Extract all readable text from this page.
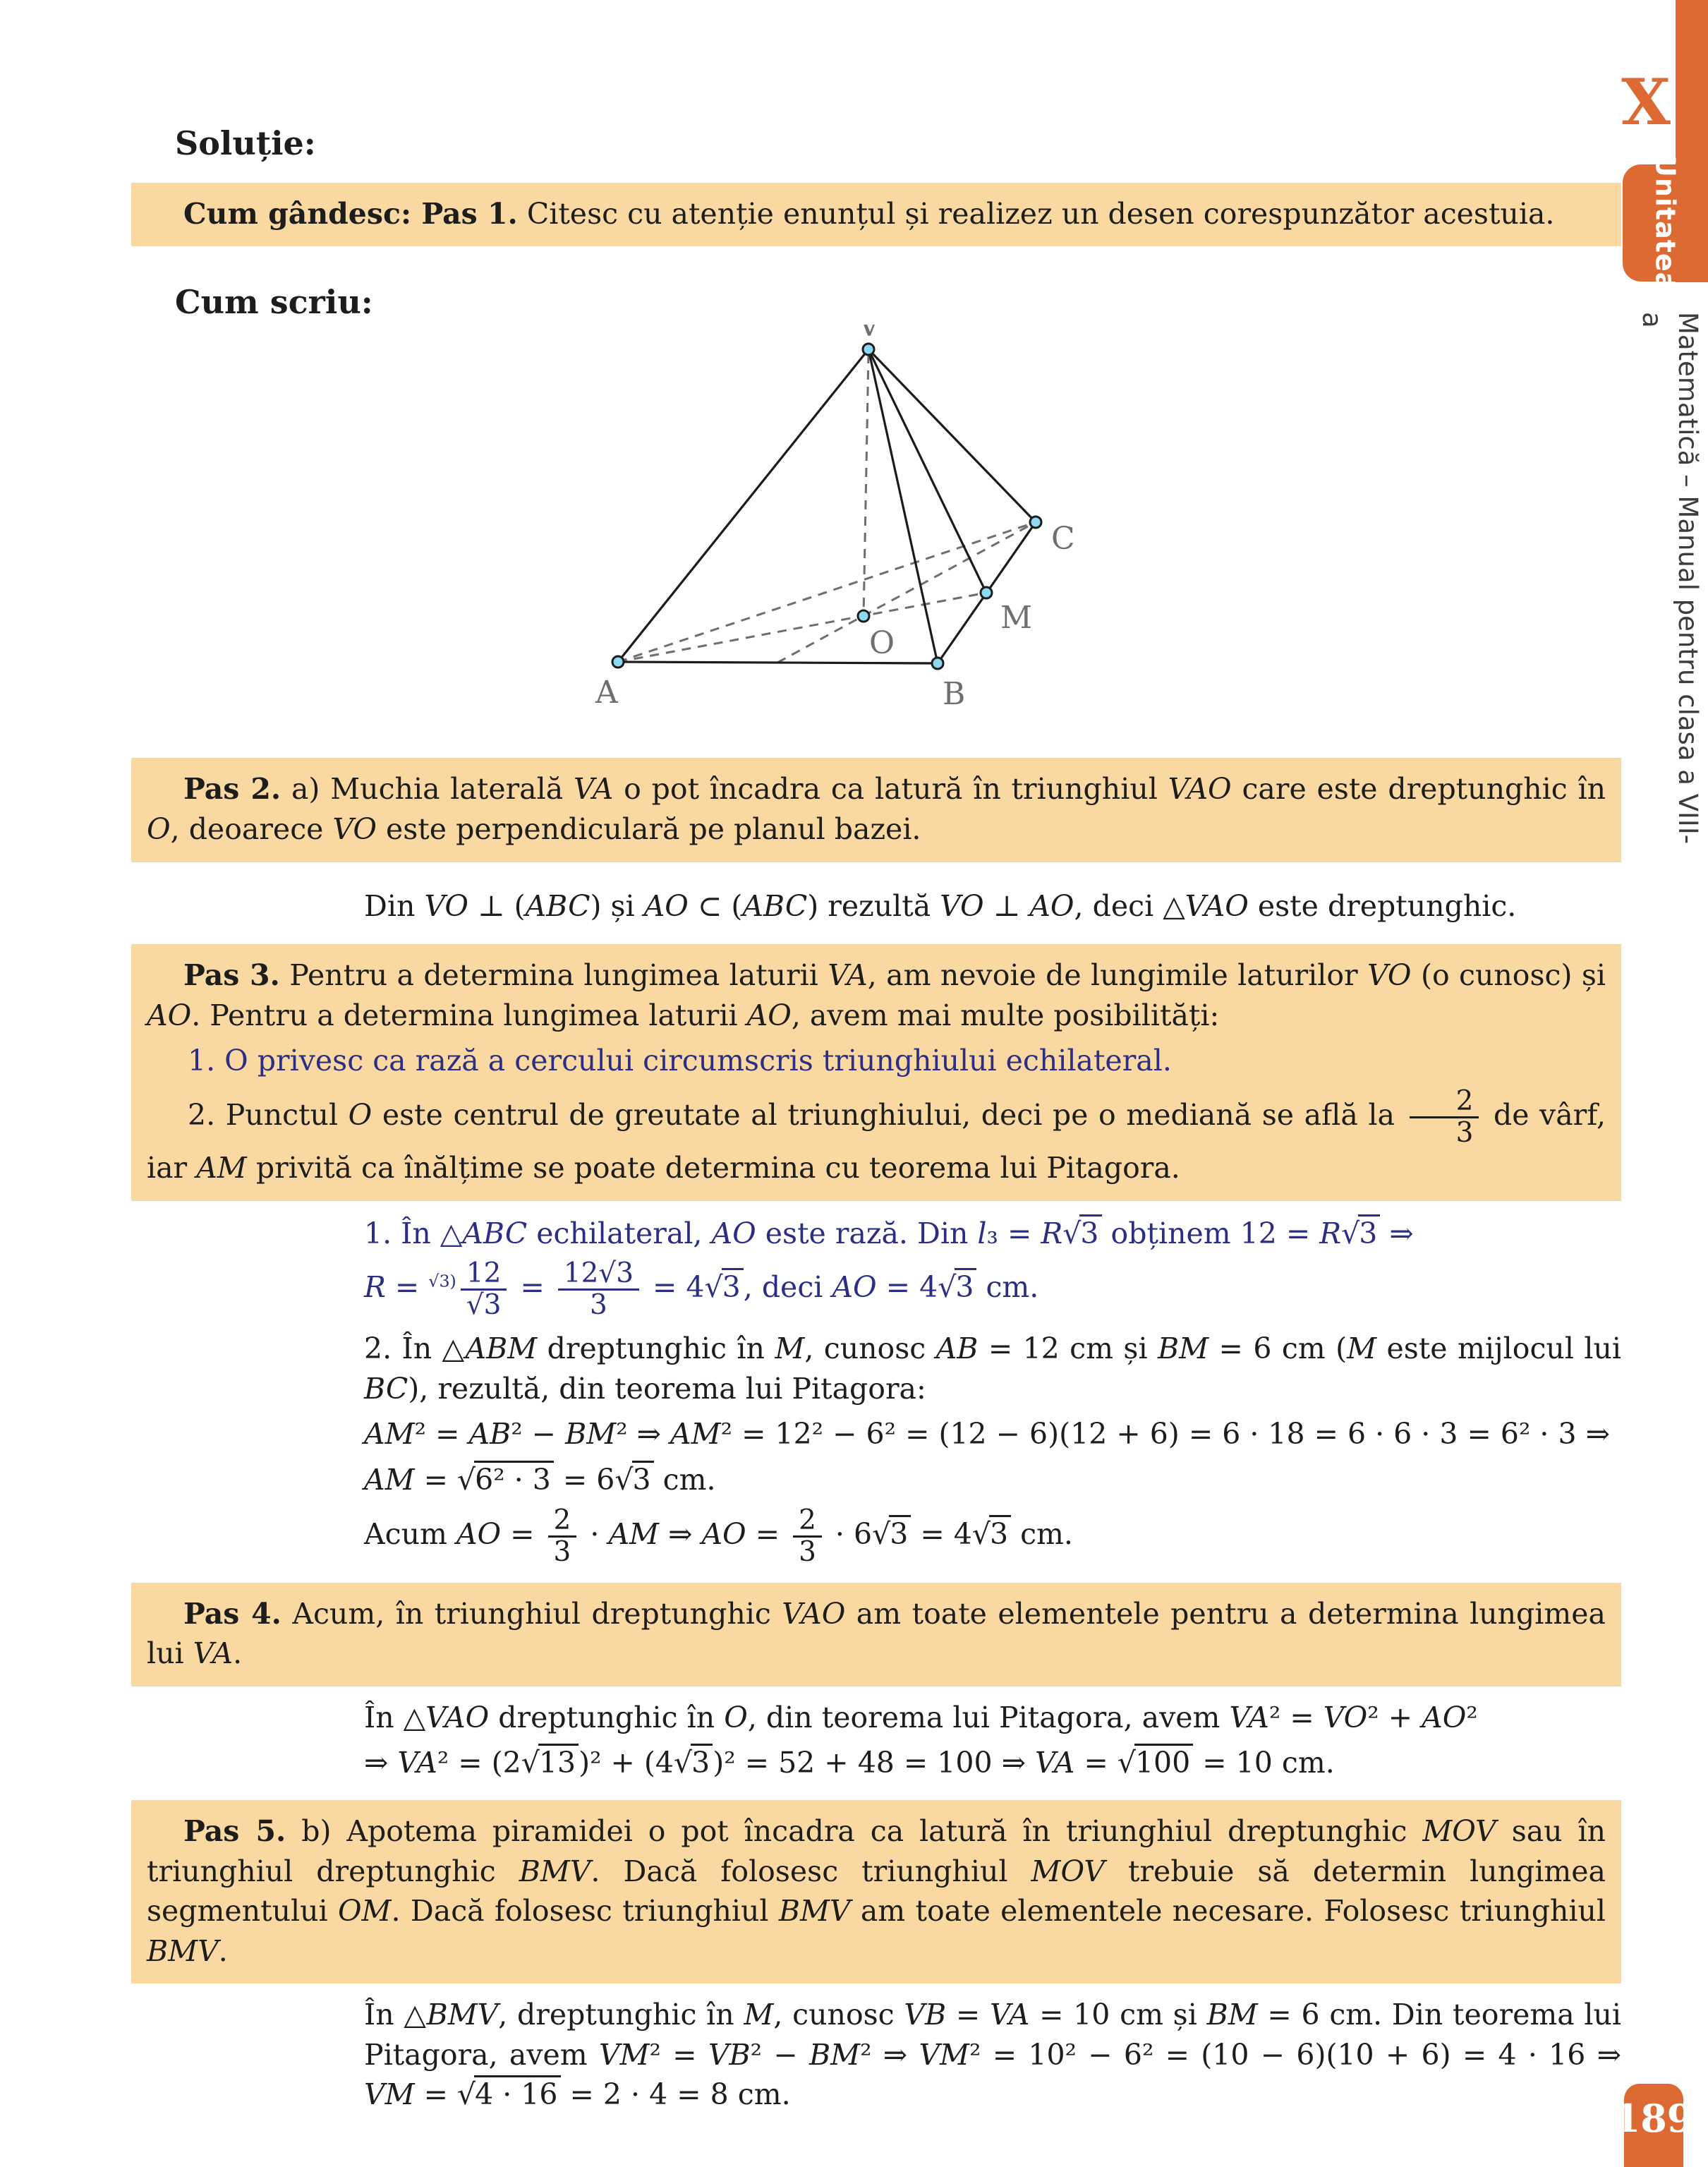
Soluție:

Cum gândesc: Pas 1. Citesc cu atenție enunțul și realizez un desen corespunzător acestuia.

Cum scriu:
V
A	B
C
M
O

Pas 2. a) Muchia laterală VA o pot încadra ca latură în triunghiul VAO care este dreptunghic în O, deoarece VO este perpendiculară pe planul bazei.

Din VO ⊥ (ABC) și AO ⊂ (ABC) rezultă VO ⊥ AO, deci △VAO este dreptunghic.

Pas 3. Pentru a determina lungimea laturii VA, am nevoie de lungimile laturilor VO (o cunosc) și AO. Pentru a determina lungimea laturii AO, avem mai multe posibilități:

1. O privesc ca rază a cercului circumscris triunghiului echilateral.

2. Punctul O este centrul de greutate al triunghiului, deci pe o mediană se află la $\frac{2}{3}$ de vârf, iar AM privită ca înălțime se poate determina cu teorema lui Pitagora.

1. În △ABC echilateral, AO este rază. Din l₃ = R√3 obținem 12 = R√3 ⇒

$R = ^{√3)} \frac{12}{√3} = \frac{12√3}{3} = 4√3$, deci AO = 4√3 cm.

2. În △ABM dreptunghic în M, cunosc AB = 12 cm și BM = 6 cm (M este mijlocul lui BC), rezultă, din teorema lui Pitagora:

AM² = AB² − BM² ⇒ AM² = 12² − 6² = (12 − 6)(12 + 6) = 6 · 18 = 6 · 6 · 3 = 6² · 3 ⇒

AM = √6² · 3 = 6√3 cm.

Acum AO = $\frac{2}{3}$ · AM ⇒ AO = $\frac{2}{3} \cdot 6√3 = 4√3$ cm.

Pas 4. Acum, în triunghiul dreptunghic VAO am toate elementele pentru a determina lungimea lui VA.

În △VAO dreptunghic în O, din teorema lui Pitagora, avem VA² = VO² + AO²

⇒ VA² = (2√13)² + (4√3)² = 52 + 48 = 100 ⇒ VA = √100 = 10 cm.

Pas 5. b) Apotema piramidei o pot încadra ca latură în triunghiul dreptunghic MOV sau în triunghiul dreptunghic BMV. Dacă folosesc triunghiul MOV trebuie să determin lungimea segmentului OM. Dacă folosesc triunghiul BMV am toate elementele necesare. Folosesc triunghiul BMV.

În △BMV, dreptunghic în M, cunosc VB = VA = 10 cm și BM = 6 cm. Din teorema lui Pitagora, avem VM² = VB² − BM² ⇒ VM² = 10² − 6² = (10 − 6)(10 + 6) = 4 · 16 ⇒ VM = √4 · 16 = 2 · 4 = 8 cm.

X
Unitatea
Matematică – Manual pentru clasa a VIII-a
189
